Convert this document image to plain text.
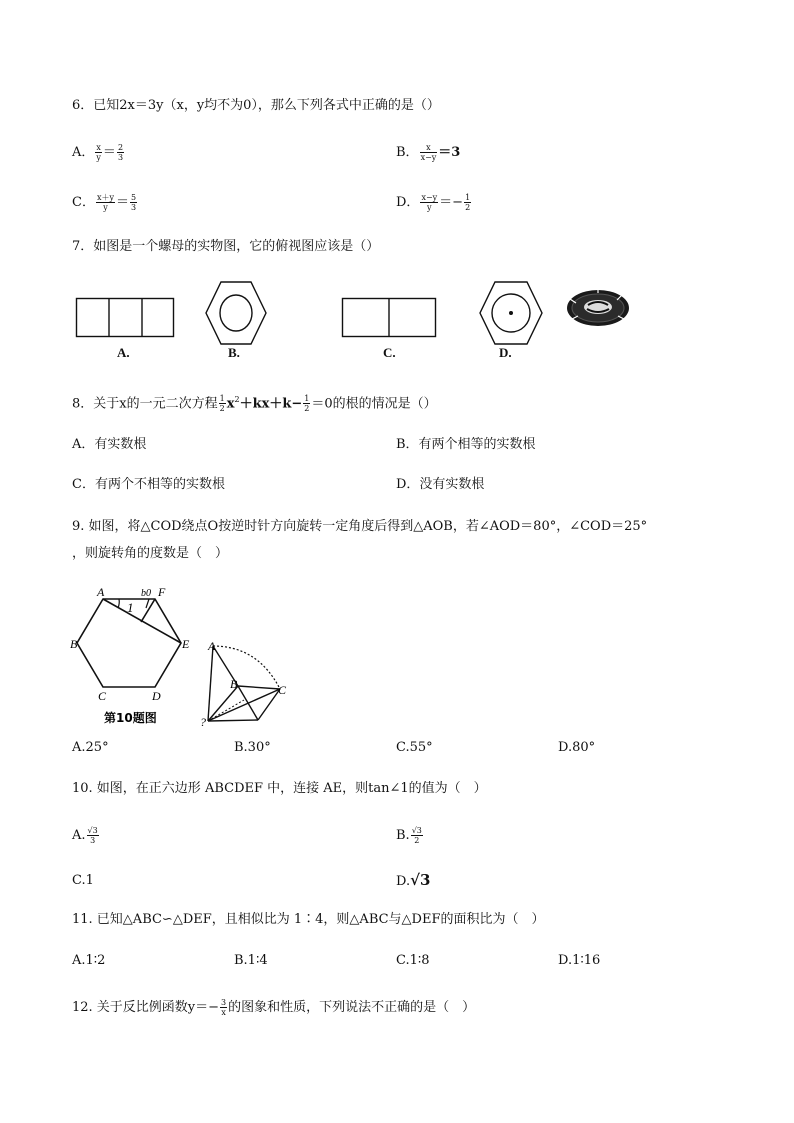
6．已知2x＝3y（x，y均不为0），那么下列各式中正确的是（）
A． $\frac{x}{y} = \frac{2}{3}$	B． $\frac{x}{x-y} =3$
C． $\frac{x+y}{y} = \frac{5}{3}$	D． $\frac{x-y}{y} =- \frac{1}{2}$
7．如图是一个螺母的实物图，它的俯视图应该是（）
A.	B.	C.	D.
8．关于x的一元二次方程 $\frac{1}{2} x^2+kx+k- \frac{1}{2} =0$的根的情况是（）
A．有实数根	B．有两个相等的实数根
C．有两个不相等的实数根	D．没有实数根
9. 如图，将△COD绕点O按逆时针方向旋转一定角度后得到△AOB，若∠AOD＝80°，∠COD＝25°
，则旋转角的度数是（　）
A	F
b0
B	E
C	D
1
第10题图
A
B	C
?
A.25°	B.30°	C.55°	D.80°
10. 如图，在正六边形 ABCDEF 中，连接 AE，则tan∠1的值为（　）
A. $\frac{√3}{3}$	B. $\frac{√3}{2}$
C.1	D.√3
11. 已知△ABC∽△DEF，且相似比为 1∶4，则△ABC与△DEF的面积比为（　）
A.1∶2	B.1∶4	C.1∶8	D.1∶16
12. 关于反比例函数$y=- \frac{3}{x}$ 的图象和性质，下列说法不正确的是（　）
